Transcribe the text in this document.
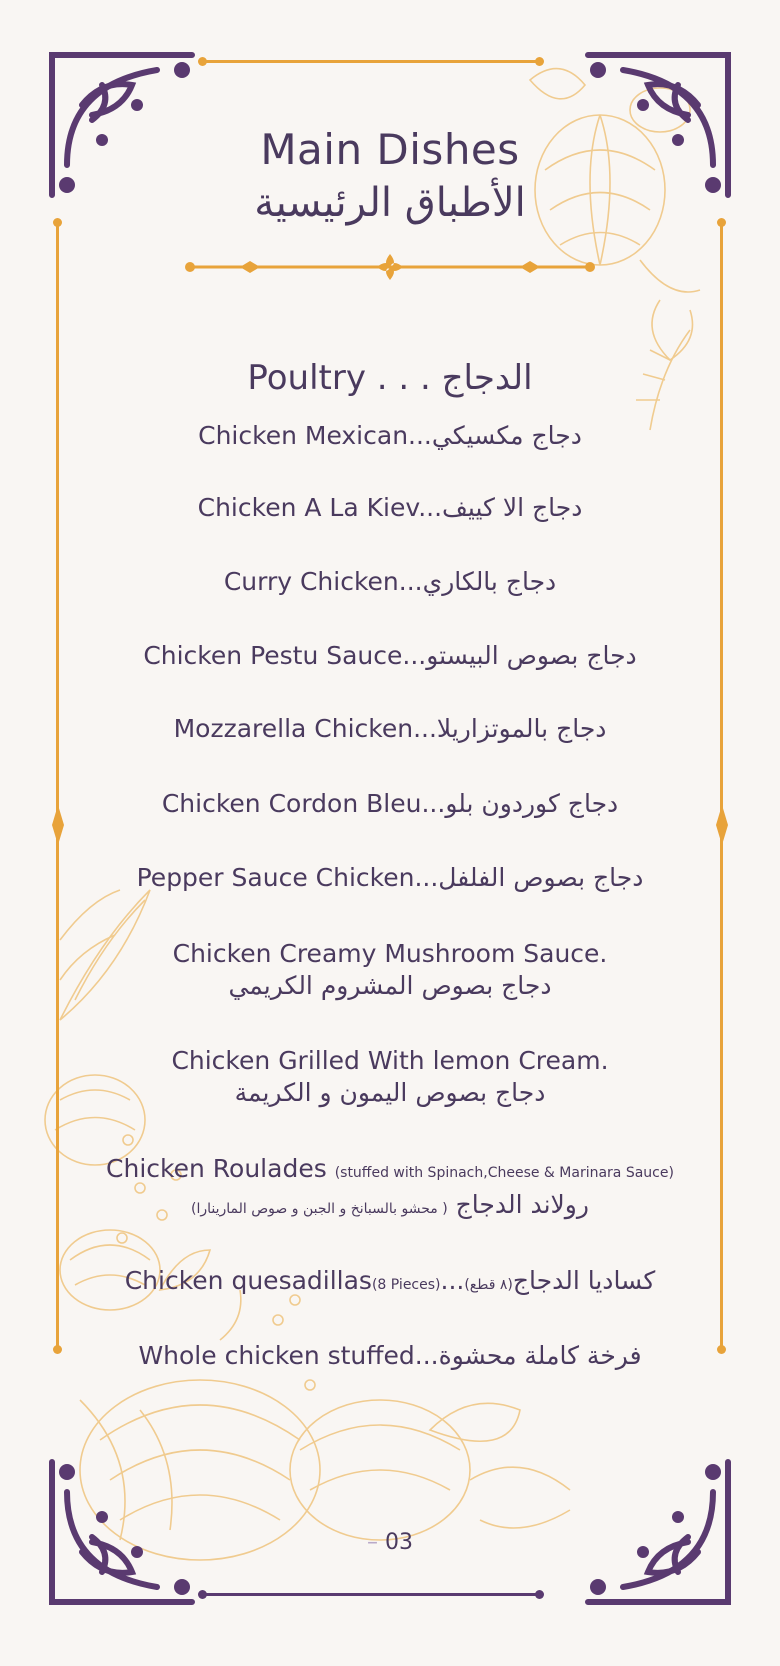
Main Dishes
الأطباق الرئيسية
Poultry . . . الدجاج
Chicken Mexican...دجاج مكسيكي
Chicken A La Kiev...دجاج الا كييف
Curry Chicken...دجاج بالكاري
Chicken Pestu Sauce...دجاج بصوص البيستو
Mozzarella Chicken...دجاج بالموتزاريلا
Chicken Cordon Bleu...دجاج كوردون بلو
Pepper Sauce Chicken...دجاج بصوص الفلفل
Chicken Creamy Mushroom Sauce.
دجاج بصوص المشروم الكريمي
Chicken Grilled With lemon Cream.
دجاج بصوص اليمون و الكريمة
Chicken Roulades (stuffed with Spinach,Cheese & Marinara Sauce)
رولاند الدجاج ( محشو بالسبانخ و الجبن و صوص المارينارا)
Chicken quesadillas(8 Pieces)...كساديا الدجاج(٨ قطع)
Whole chicken stuffed...فرخة كاملة محشوة
– 03
